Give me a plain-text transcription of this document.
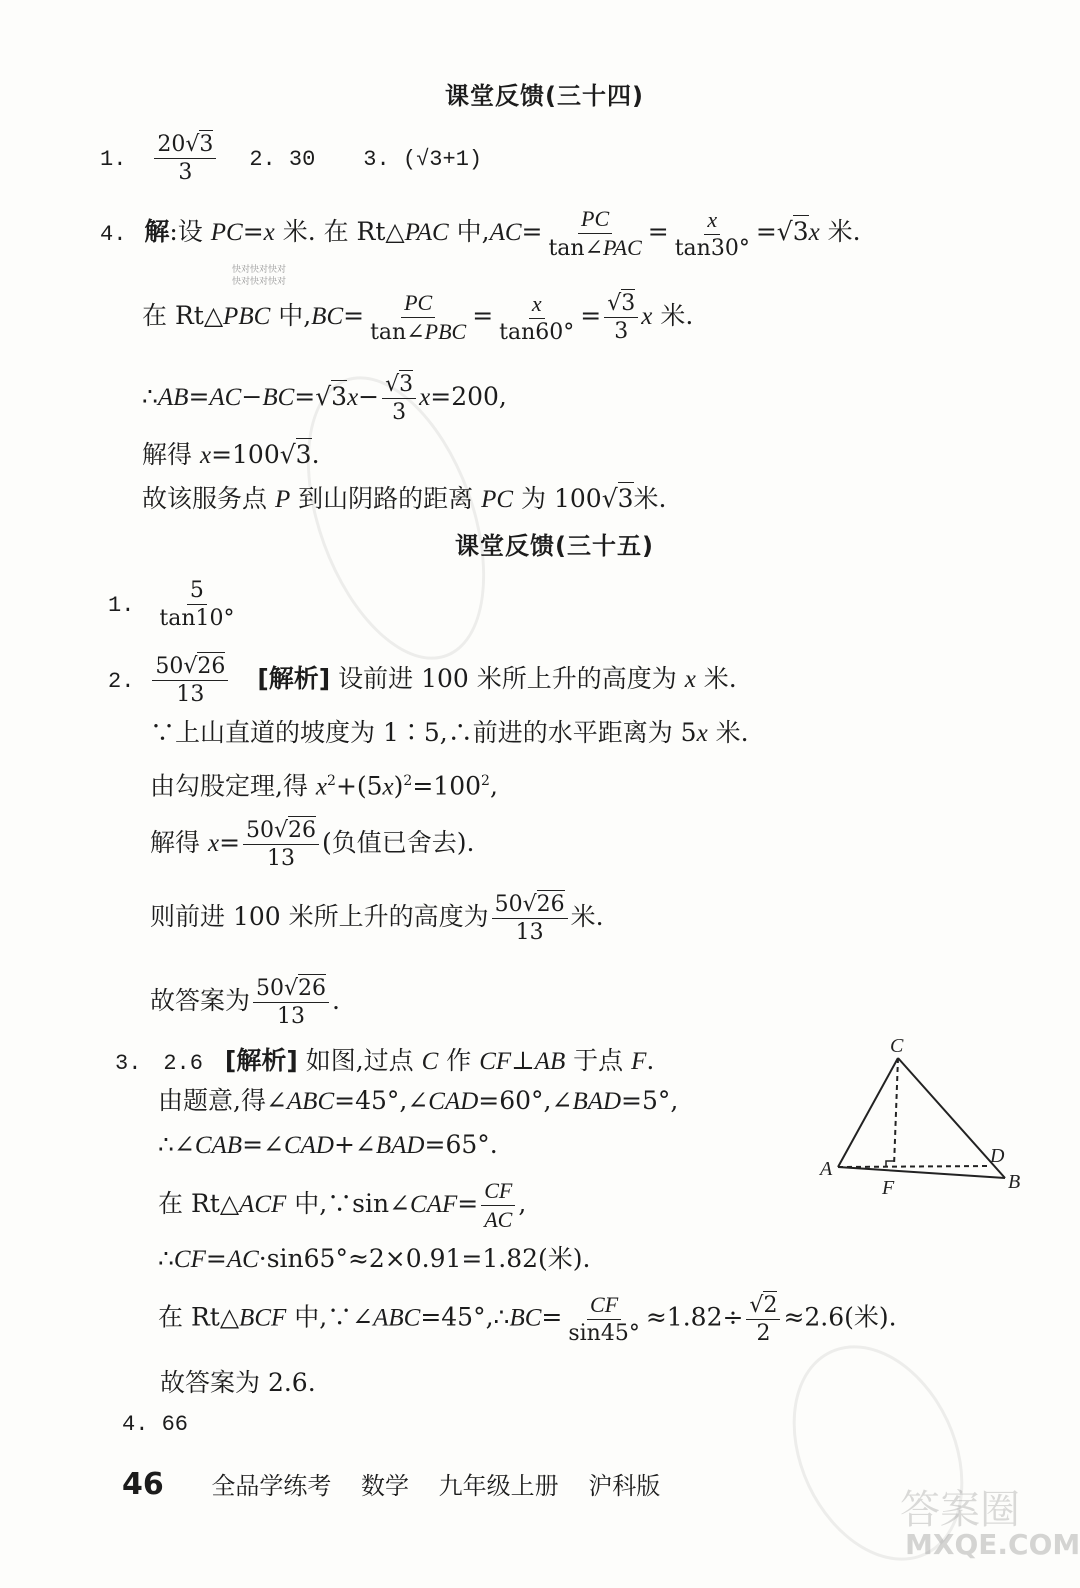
快对快对快对
快对快对快对
答案圈
MXQE.COM
课堂反馈(三十四)
1. $\frac{20√3}{3} 2$. 30 3. (√3+1)
4. 解:设 PC=x 米. 在 Rt△PAC 中$,AC= \frac{PC}{\text{tan∠PAC}} = \frac{x}{\tan 30^\circ} =√3x$ 米.
在 Rt△PBC 中$,BC= \frac{PC}{\text{tan∠PBC}} = \frac{x}{\tan 60^\circ} = \frac{√3}{3}$ x 米.
∴AB=AC−BC=√3x− $\frac{√3}{3} x=200$,
解得 x=100√3.
故该服务点 P 到山阴路的距离 PC 为 100√3米.
课堂反馈(三十五)
1. $\frac{5}{\tan 10^\circ}$
2. $\frac{50√26}{13}$ [解析] 设前进 100 米所上升的高度为 x 米.
∵上山直道的坡度为 1∶5,∴前进的水平距离为 5x 米.
由勾股定理,得 $x^2+(5x)^2=100^2$,
解得 $x= \frac{50√26}{13}$ (负值已舍去).
则前进 100 米所上升的高度为 $\frac{50√26}{13}$ 米.
故答案为 $\frac{50√26}{13}$ .
3. 2.6 [解析] 如图,过点 C 作 CF⊥AB 于点 F.
由题意,得∠ABC=45°,∠CAD=60°,∠BAD=5°,
∴∠CAB=∠CAD+∠BAD=65°.
在 Rt△ACF 中,∵sin∠CAF= $\frac{CF}{AC}$ ,
∴CF=AC·sin65°≈2×0.91=1.82(米).
在 Rt△BCF 中,∵∠ABC=45°,∴BC= $\frac{CF}{\sin 45^\circ} \approx 1.82\div \frac{√2}{2} \approx 2.6$(米).
故答案为 2.6.
4. 66
C
A
B
D
F
46 全品学练考 数学 九年级上册 沪科版
